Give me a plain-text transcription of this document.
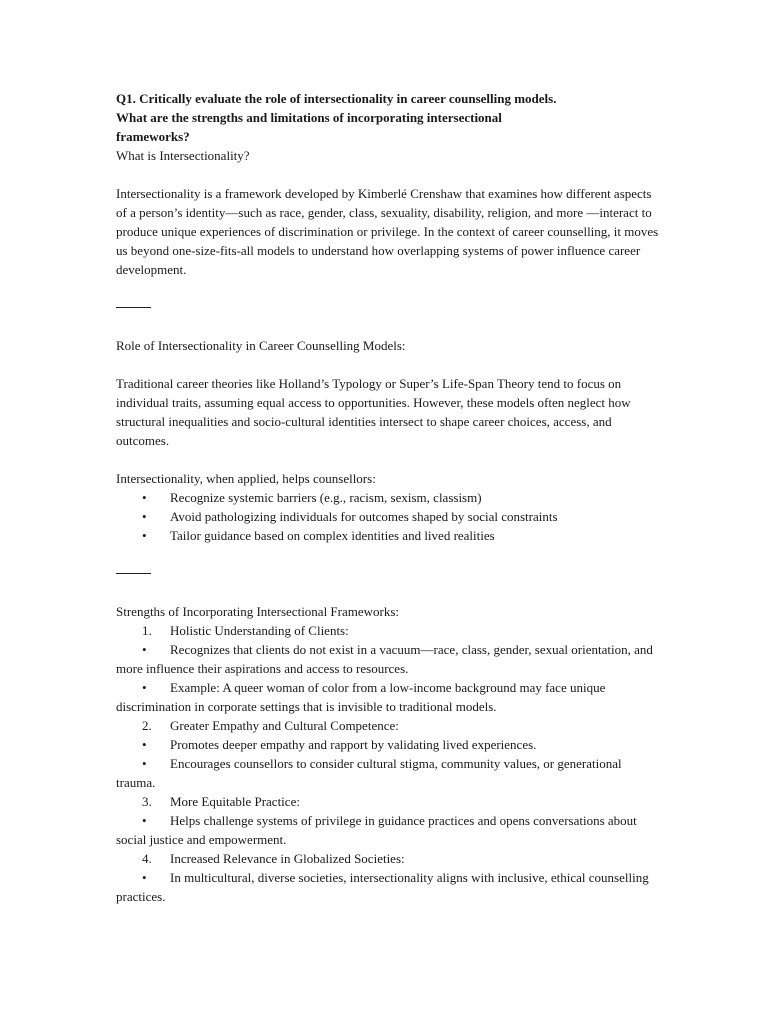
Q1. Critically evaluate the role of intersectionality in career counselling models.
What are the strengths and limitations of incorporating intersectional
frameworks?

What is Intersectionality?

Intersectionality is a framework developed by Kimberlé Crenshaw that examines how different aspects of a person’s identity—such as race, gender, class, sexuality, disability, religion, and more —interact to produce unique experiences of discrimination or privilege. In the context of career counselling, it moves us beyond one-size-fits-all models to understand how overlapping systems of power influence career development.

Role of Intersectionality in Career Counselling Models:

Traditional career theories like Holland’s Typology or Super’s Life-Span Theory tend to focus on individual traits, assuming equal access to opportunities. However, these models often neglect how structural inequalities and socio-cultural identities intersect to shape career choices, access, and outcomes.

Intersectionality, when applied, helps counsellors:

• Recognize systemic barriers (e.g., racism, sexism, classism)
• Avoid pathologizing individuals for outcomes shaped by social constraints
• Tailor guidance based on complex identities and lived realities

Strengths of Incorporating Intersectional Frameworks:

1. Holistic Understanding of Clients:
• Recognizes that clients do not exist in a vacuum—race, class, gender, sexual orientation, and more influence their aspirations and access to resources.
• Example: A queer woman of color from a low-income background may face unique discrimination in corporate settings that is invisible to traditional models.
2. Greater Empathy and Cultural Competence:
• Promotes deeper empathy and rapport by validating lived experiences.
• Encourages counsellors to consider cultural stigma, community values, or generational trauma.
3. More Equitable Practice:
• Helps challenge systems of privilege in guidance practices and opens conversations about social justice and empowerment.
4. Increased Relevance in Globalized Societies:
• In multicultural, diverse societies, intersectionality aligns with inclusive, ethical counselling practices.
